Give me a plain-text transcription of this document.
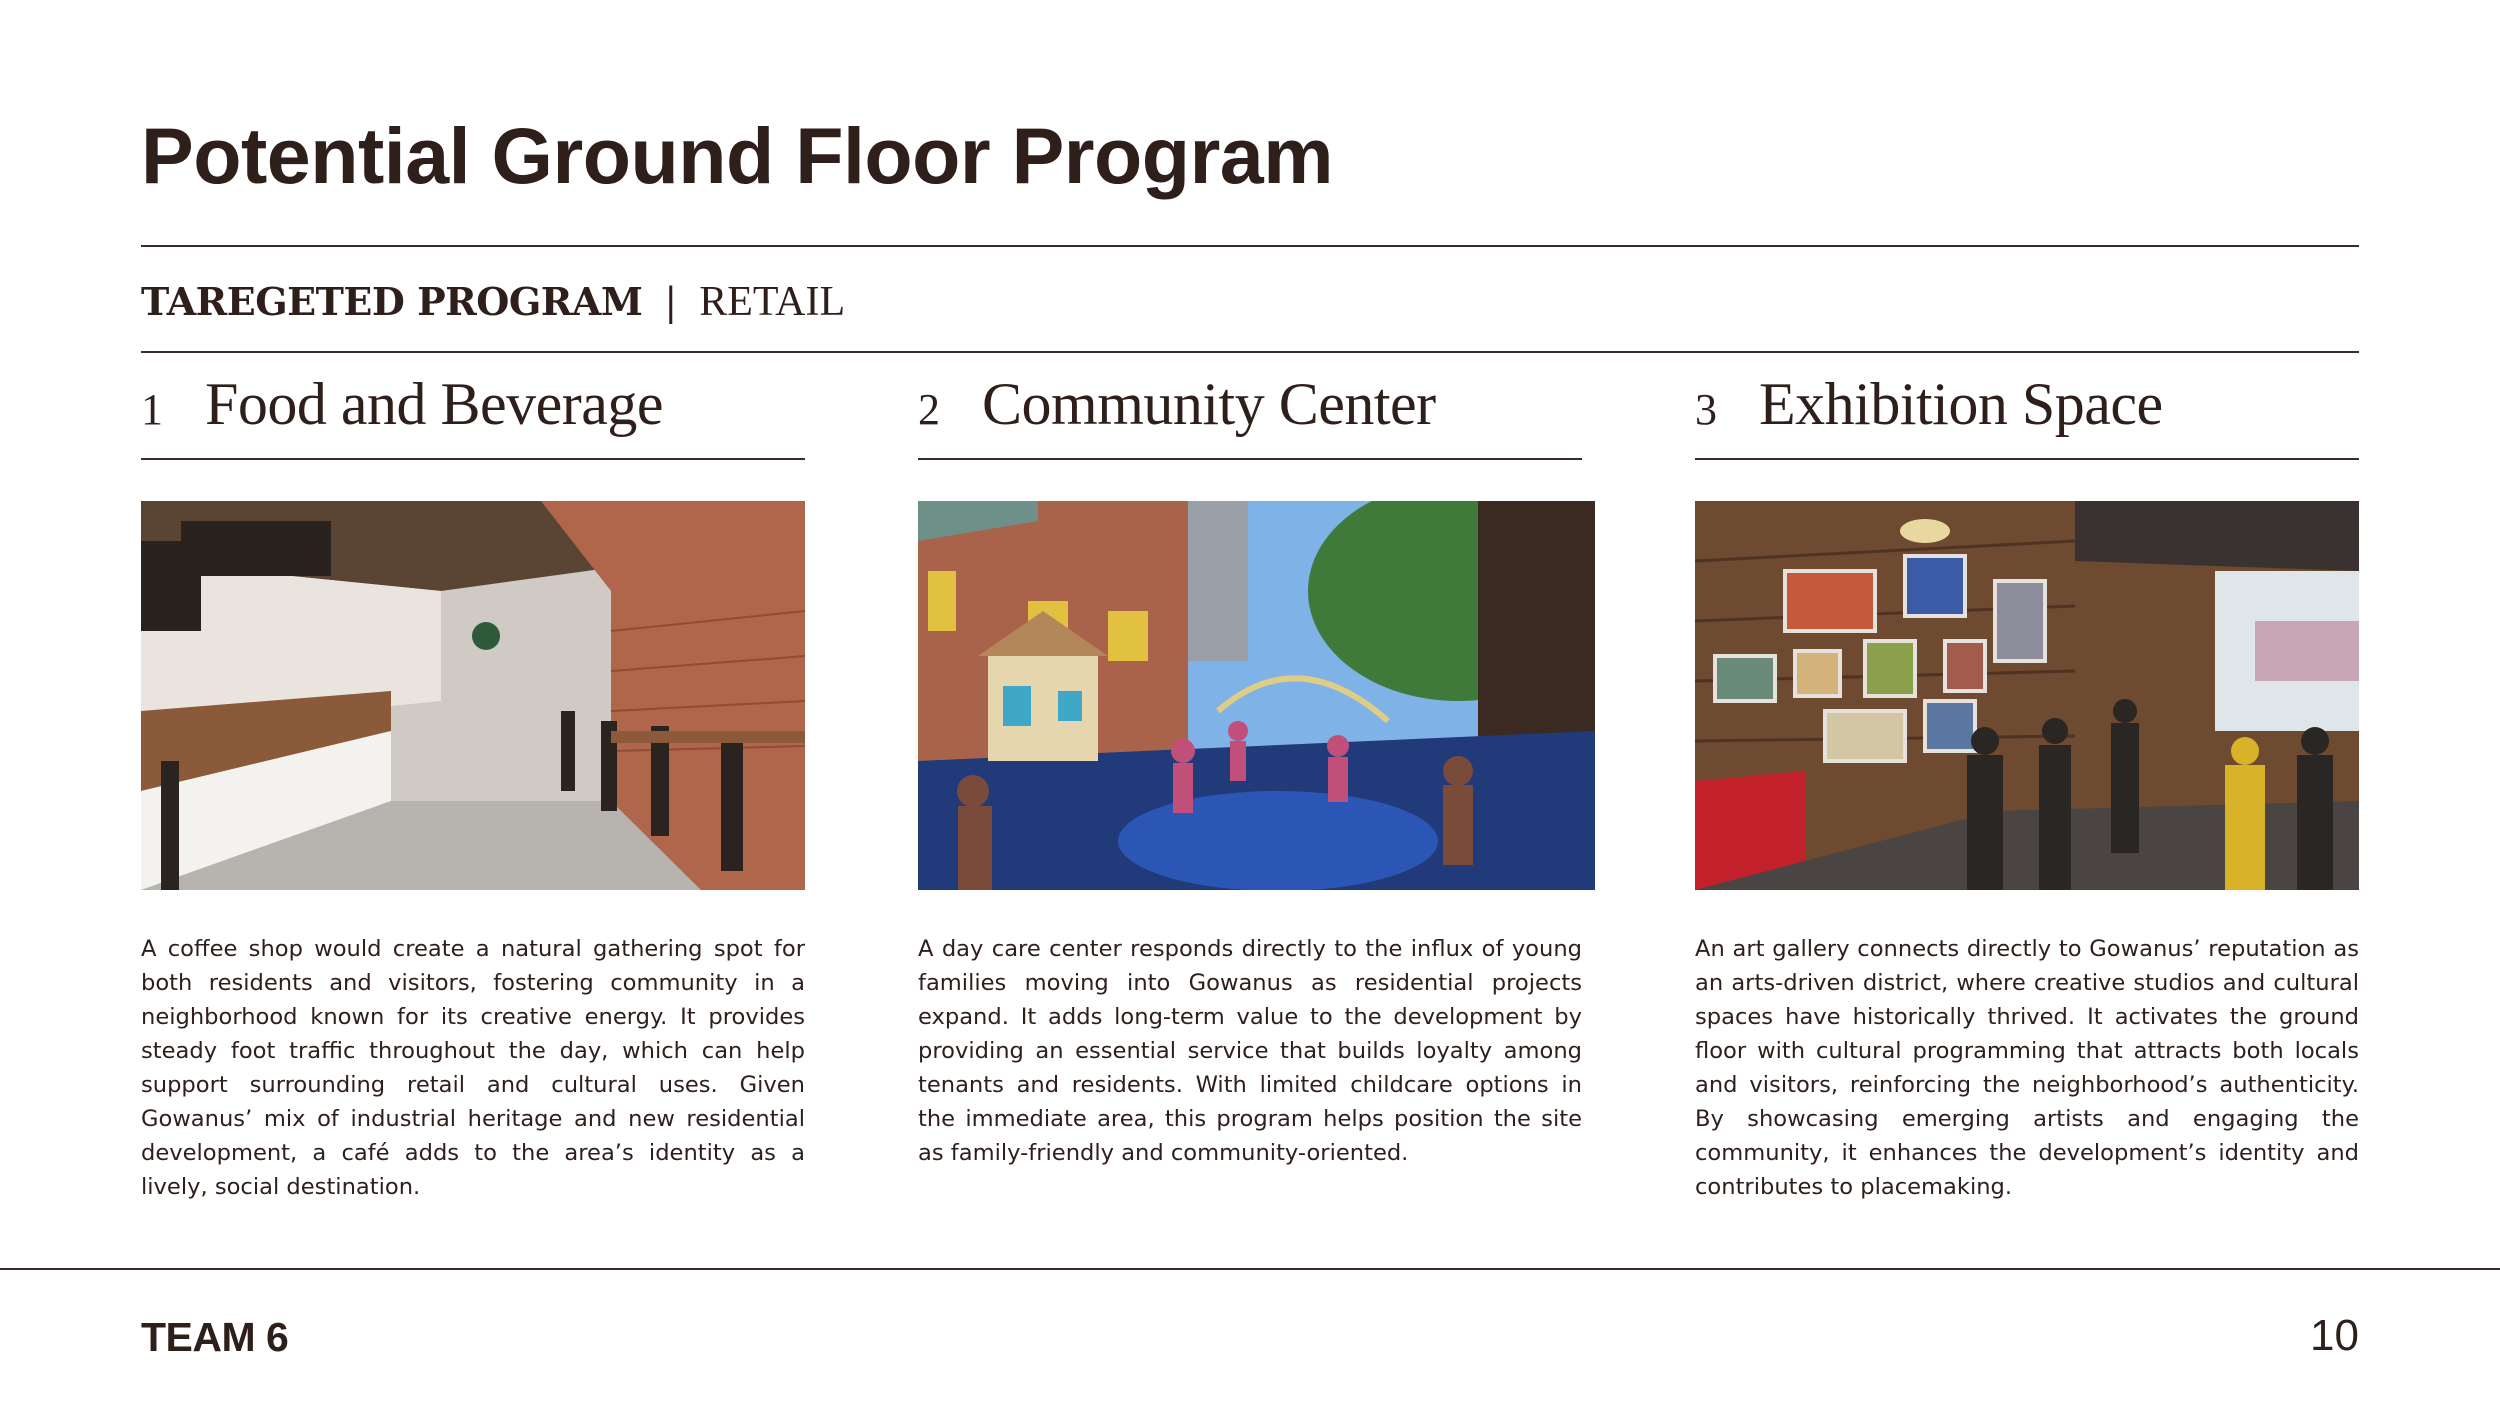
Potential Ground Floor Program
TAREGETED PROGRAM | RETAIL
1 Food and Beverage
A coffee shop would create a natural gathering spot for both residents and visitors, fostering community in a neighborhood known for its creative energy. It provides steady foot traffic throughout the day, which can help support surrounding retail and cultural uses. Given Gowanus’ mix of industrial heritage and new residential development, a café adds to the area’s identity as a lively, social destination.
2 Community Center
A day care center responds directly to the influx of young families moving into Gowanus as residential projects expand. It adds long-term value to the development by providing an essential service that builds loyalty among tenants and residents. With limited childcare options in the immediate area, this program helps position the site as family-friendly and community-oriented.
3 Exhibition Space
An art gallery connects directly to Gowanus’ reputation as an arts-driven district, where creative studios and cultural spaces have historically thrived. It activates the ground floor with cultural programming that attracts both locals and visitors, reinforcing the neighborhood’s authenticity. By showcasing emerging artists and engaging the community, it enhances the development’s identity and contributes to placemaking.
TEAM 6	10
